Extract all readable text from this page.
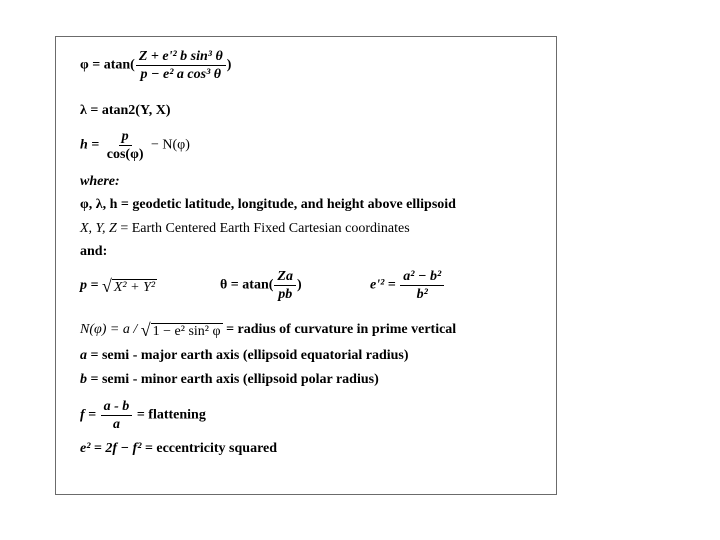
$\varphi = atan( \frac{\text{Z + e'² b sin³ θ}}{\text{p − e² a cos³ θ}}$ )
λ = atan2(Y, X)
$h = \frac{p}{\cos(\varphi)} - N(\varphi)$
where:
φ, λ, h = geodetic latitude, longitude, and height above ellipsoid
X, Y, Z = Earth Centered Earth Fixed Cartesian coordinates
and:
p = √ X² + Y²	$\theta = atan( \frac{Za}{pb}$ )	$e'^2 = \frac{\text{a² − b²}}{\text{b²}}$
N(φ) = a / √ 1 − e² sin² φ = radius of curvature in prime vertical
a = semi - major earth axis (ellipsoid equatorial radius)
b = semi - minor earth axis (ellipsoid polar radius)
$f = \frac{a - b}{a}$ = flattening
e² = 2f − f² = eccentricity squared
